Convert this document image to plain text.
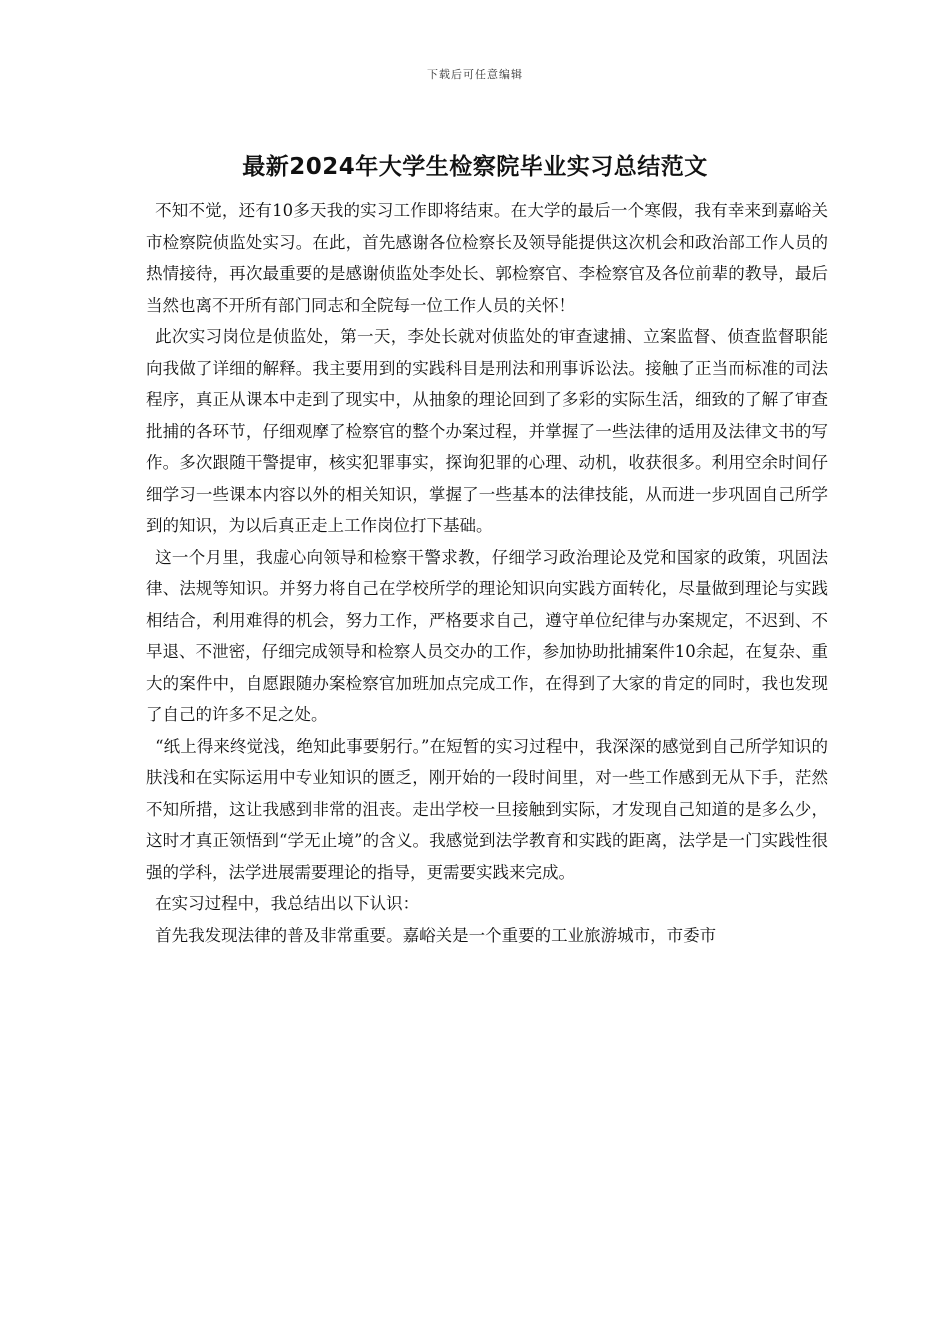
下载后可任意编辑
最新2024年大学生检察院毕业实习总结范文

不知不觉，还有10多天我的实习工作即将结束。在大学的最后一个寒假，我有幸来到嘉峪关市检察院侦监处实习。在此，首先感谢各位检察长及领导能提供这次机会和政治部工作人员的热情接待，再次最重要的是感谢侦监处李处长、郭检察官、李检察官及各位前辈的教导，最后当然也离不开所有部门同志和全院每一位工作人员的关怀！

此次实习岗位是侦监处，第一天，李处长就对侦监处的审查逮捕、立案监督、侦查监督职能向我做了详细的解释。我主要用到的实践科目是刑法和刑事诉讼法。接触了正当而标准的司法程序，真正从课本中走到了现实中，从抽象的理论回到了多彩的实际生活，细致的了解了审查批捕的各环节，仔细观摩了检察官的整个办案过程，并掌握了一些法律的适用及法律文书的写作。多次跟随干警提审，核实犯罪事实，探询犯罪的心理、动机，收获很多。利用空余时间仔细学习一些课本内容以外的相关知识，掌握了一些基本的法律技能，从而进一步巩固自己所学到的知识，为以后真正走上工作岗位打下基础。

这一个月里，我虚心向领导和检察干警求教，仔细学习政治理论及党和国家的政策，巩固法律、法规等知识。并努力将自己在学校所学的理论知识向实践方面转化，尽量做到理论与实践相结合，利用难得的机会，努力工作，严格要求自己，遵守单位纪律与办案规定，不迟到、不早退、不泄密，仔细完成领导和检察人员交办的工作，参加协助批捕案件10余起，在复杂、重大的案件中，自愿跟随办案检察官加班加点完成工作，在得到了大家的肯定的同时，我也发现了自己的许多不足之处。

“纸上得来终觉浅，绝知此事要躬行。”在短暂的实习过程中，我深深的感觉到自己所学知识的肤浅和在实际运用中专业知识的匮乏，刚开始的一段时间里，对一些工作感到无从下手，茫然不知所措，这让我感到非常的沮丧。走出学校一旦接触到实际，才发现自己知道的是多么少，这时才真正领悟到“学无止境”的含义。我感觉到法学教育和实践的距离，法学是一门实践性很强的学科，法学进展需要理论的指导，更需要实践来完成。

在实习过程中，我总结出以下认识：

首先我发现法律的普及非常重要。嘉峪关是一个重要的工业旅游城市，市委市
